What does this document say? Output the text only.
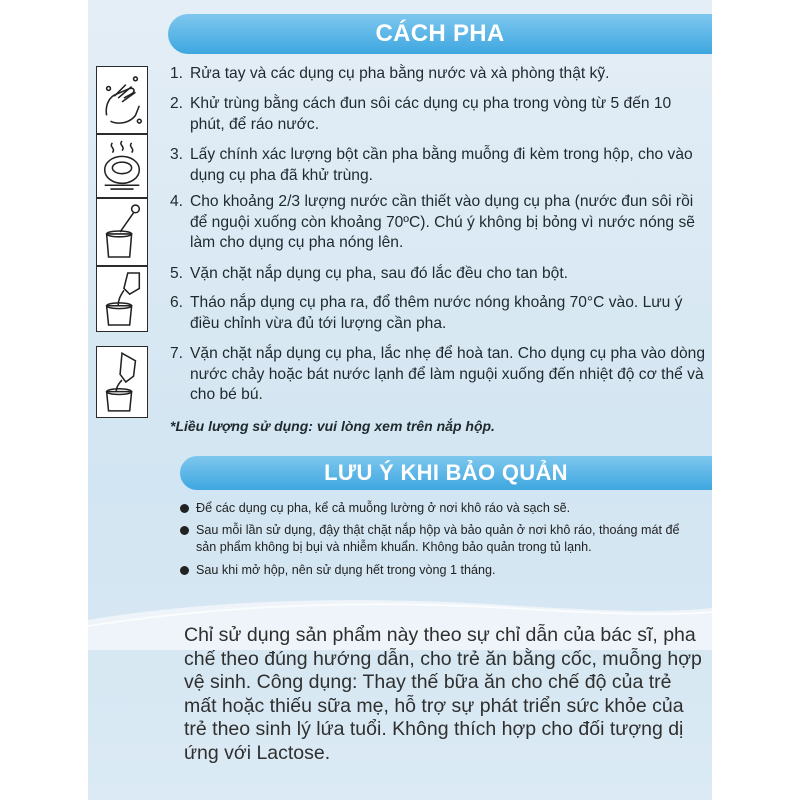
CÁCH PHA
1. Rửa tay và các dụng cụ pha bằng nước và xà phòng thật kỹ.
2. Khử trùng bằng cách đun sôi các dụng cụ pha trong vòng từ 5 đến 10 phút, để ráo nước.
3. Lấy chính xác lượng bột cần pha bằng muỗng đi kèm trong hộp, cho vào dụng cụ pha đã khử trùng.
4. Cho khoảng 2/3 lượng nước cần thiết vào dụng cụ pha (nước đun sôi rồi để nguội xuống còn khoảng 70ºC). Chú ý không bị bỏng vì nước nóng sẽ làm cho dụng cụ pha nóng lên.
5. Vặn chặt nắp dụng cụ pha, sau đó lắc đều cho tan bột.
6. Tháo nắp dụng cụ pha ra, đổ thêm nước nóng khoảng 70°C vào. Lưu ý điều chỉnh vừa đủ tới lượng cần pha.
7. Vặn chặt nắp dụng cụ pha, lắc nhẹ để hoà tan. Cho dụng cụ pha vào dòng nước chảy hoặc bát nước lạnh để làm nguội xuống đến nhiệt độ cơ thể và cho bé bú.
*Liều lượng sử dụng: vui lòng xem trên nắp hộp.
LƯU Ý KHI BẢO QUẢN
Để các dụng cụ pha, kể cả muỗng lường ở nơi khô ráo và sạch sẽ.
Sau mỗi lần sử dụng, đậy thật chặt nắp hộp và bảo quản ở nơi khô ráo, thoáng mát để sản phẩm không bị bụi và nhiễm khuẩn. Không bảo quản trong tủ lạnh.
Sau khi mở hộp, nên sử dụng hết trong vòng 1 tháng.
Chỉ sử dụng sản phẩm này theo sự chỉ dẫn của bác sĩ, pha chế theo đúng hướng dẫn, cho trẻ ăn bằng cốc, muỗng hợp vệ sinh. Công dụng: Thay thế bữa ăn cho chế độ của trẻ mất hoặc thiếu sữa mẹ, hỗ trợ sự phát triển sức khỏe của trẻ theo sinh lý lứa tuổi. Không thích hợp cho đối tượng dị ứng với Lactose.
